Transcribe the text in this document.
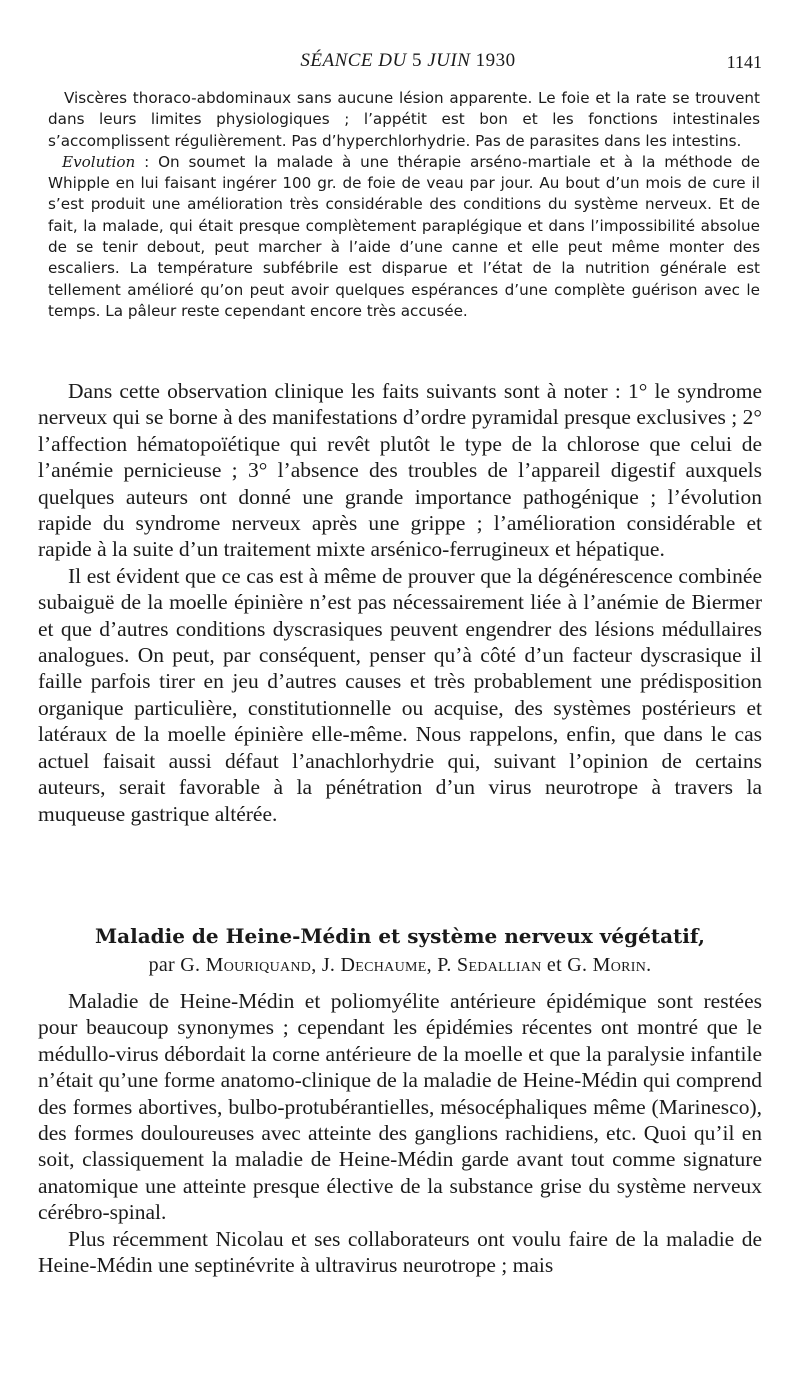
SÉANCE DU 5 JUIN 1930	1141

Viscères thoraco-abdominaux sans aucune lésion apparente. Le foie et la rate se trouvent dans leurs limites physiologiques ; l’appétit est bon et les fonctions intestinales s’accomplissent régulièrement. Pas d’hyperchlorhydrie. Pas de parasites dans les intestins.

Evolution : On soumet la malade à une thérapie arséno-martiale et à la méthode de Whipple en lui faisant ingérer 100 gr. de foie de veau par jour. Au bout d’un mois de cure il s’est produit une amélioration très considérable des conditions du système nerveux. Et de fait, la malade, qui était presque complètement paraplégique et dans l’impossibilité absolue de se tenir debout, peut marcher à l’aide d’une canne et elle peut même monter des escaliers. La température subfébrile est disparue et l’état de la nutrition générale est tellement amélioré qu’on peut avoir quelques espérances d’une complète guérison avec le temps. La pâleur reste cependant encore très accusée.

Dans cette observation clinique les faits suivants sont à noter : 1° le syndrome nerveux qui se borne à des manifestations d’ordre pyramidal presque exclusives ; 2° l’affection hématopoïétique qui revêt plutôt le type de la chlorose que celui de l’anémie pernicieuse ; 3° l’absence des troubles de l’appareil digestif auxquels quelques auteurs ont donné une grande importance pathogénique ; l’évolution rapide du syndrome nerveux après une grippe ; l’amélioration considérable et rapide à la suite d’un traitement mixte arsénico-ferrugineux et hépatique.

Il est évident que ce cas est à même de prouver que la dégénérescence combinée subaiguë de la moelle épinière n’est pas nécessairement liée à l’anémie de Biermer et que d’autres conditions dyscrasiques peuvent engendrer des lésions médullaires analogues. On peut, par conséquent, penser qu’à côté d’un facteur dyscrasique il faille parfois tirer en jeu d’autres causes et très probablement une prédisposition organique particulière, constitutionnelle ou acquise, des systèmes postérieurs et latéraux de la moelle épinière elle-même. Nous rappelons, enfin, que dans le cas actuel faisait aussi défaut l’anachlorhydrie qui, suivant l’opinion de certains auteurs, serait favorable à la pénétration d’un virus neurotrope à travers la muqueuse gastrique altérée.

Maladie de Heine-Médin et système nerveux végétatif,
par G. Mouriquand, J. Dechaume, P. Sedallian et G. Morin.

Maladie de Heine-Médin et poliomyélite antérieure épidémique sont restées pour beaucoup synonymes ; cependant les épidémies récentes ont montré que le médullo-virus débordait la corne antérieure de la moelle et que la paralysie infantile n’était qu’une forme anatomo-clinique de la maladie de Heine-Médin qui comprend des formes abortives, bulbo-protubérantielles, mésocéphaliques même (Marinesco), des formes douloureuses avec atteinte des ganglions rachidiens, etc. Quoi qu’il en soit, classiquement la maladie de Heine-Médin garde avant tout comme signature anatomique une atteinte presque élective de la substance grise du système nerveux cérébro-spinal.

Plus récemment Nicolau et ses collaborateurs ont voulu faire de la maladie de Heine-Médin une septinévrite à ultravirus neurotrope ; mais
